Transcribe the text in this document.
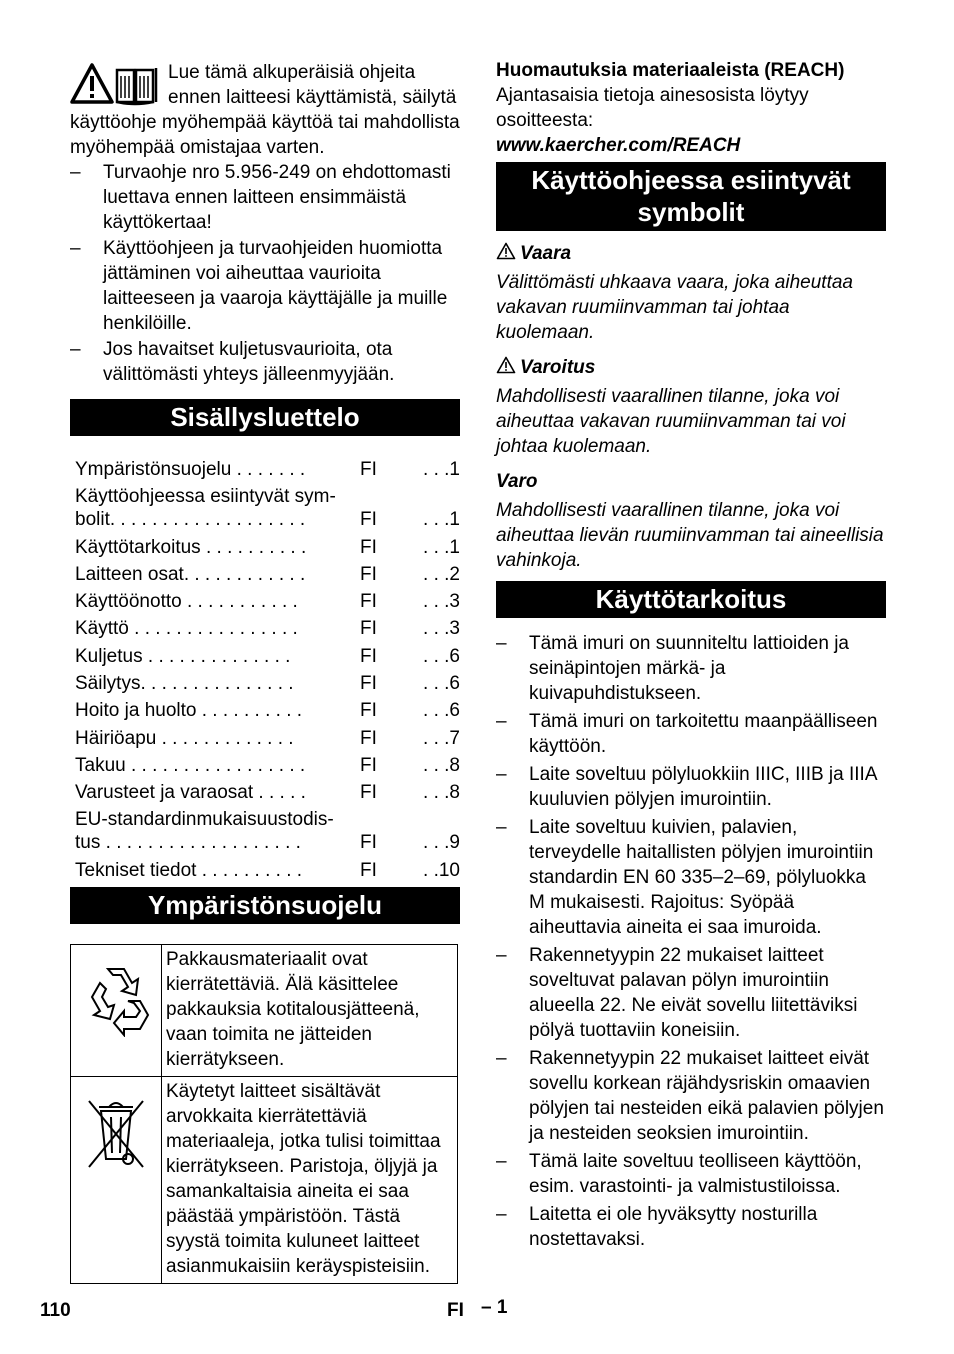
Lue tämä alkuperäisiä ohjeita ennen laitteesi käyttämistä, säilytä käyttöohje myöhempää käyttöä tai mahdollista myöhempää omistajaa varten.

– Turvaohje nro 5.956-249 on ehdottomasti luettava ennen laitteen ensimmäistä käyttökertaa!
– Käyttöohjeen ja turvaohjeiden huomiotta jättäminen voi aiheuttaa vaurioita laitteeseen ja vaaroja käyttäjälle ja muille henkilöille.
– Jos havaitset kuljetusvaurioita, ota välittömästi yhteys jälleenmyyjään.
Sisällysluettelo
Ympäristönsuojelu . . . . . . .	FI	. . .1
Käyttöohjeessa esiintyvät sym-
bolit. . . . . . . . . . . . . . . . . . .	FI	. . .1
Käyttötarkoitus . . . . . . . . . .	FI	. . .1
Laitteen osat. . . . . . . . . . . .	FI	. . .2
Käyttöönotto . . . . . . . . . . .	FI	. . .3
Käyttö . . . . . . . . . . . . . . . .	FI	. . .3
Kuljetus . . . . . . . . . . . . . .	FI	. . .6
Säilytys. . . . . . . . . . . . . . .	FI	. . .6
Hoito ja huolto . . . . . . . . . .	FI	. . .6
Häiriöapu . . . . . . . . . . . . .	FI	. . .7
Takuu . . . . . . . . . . . . . . . . .	FI	. . .8
Varusteet ja varaosat . . . . .	FI	. . .8
EU-standardinmukaisuustodis-
tus . . . . . . . . . . . . . . . . . . .	FI	. . .9
Tekniset tiedot . . . . . . . . . .	FI	. .10
Ympäristönsuojelu
	Pakkausmateriaalit ovat kierrätettäviä. Älä käsittelee pakkauksia kotitalousjätteenä, vaan toimita ne jätteiden kierrätykseen.
	Käytetyt laitteet sisältävät arvokkaita kierrätettäviä materiaaleja, jotka tulisi toimittaa kierrätykseen. Paristoja, öljyjä ja samankaltaisia aineita ei saa päästää ympäristöön. Tästä syystä toimita kuluneet laitteet asianmukaisiin keräyspisteisiin.

Huomautuksia materiaaleista (REACH)

Ajantasaisia tietoja ainesosista löytyy osoitteesta:

www.kaercher.com/REACH

Käyttöohjeessa esiintyvät symbolit

Vaara

Välittömästi uhkaava vaara, joka aiheuttaa vakavan ruumiinvamman tai johtaa kuolemaan.

Varoitus

Mahdollisesti vaarallinen tilanne, joka voi aiheuttaa vakavan ruumiinvamman tai voi johtaa kuolemaan.

Varo

Mahdollisesti vaarallinen tilanne, joka voi aiheuttaa lievän ruumiinvamman tai aineellisia vahinkoja.

Käyttötarkoitus
– Tämä imuri on suunniteltu lattioiden ja seinäpintojen märkä- ja kuivapuhdistukseen.
– Tämä imuri on tarkoitettu maanpäälliseen käyttöön.
– Laite soveltuu pölyluokkiin IIIC, IIIB ja IIIA kuuluvien pölyjen imurointiin.
– Laite soveltuu kuivien, palavien, terveydelle haitallisten pölyjen imurointiin standardin EN 60 335–2–69, pölyluokka M mukaisesti. Rajoitus: Syöpää aiheuttavia aineita ei saa imuroida.
– Rakennetyypin 22 mukaiset laitteet soveltuvat palavan pölyn imurointiin alueella 22. Ne eivät sovellu liitettäviksi pölyä tuottaviin koneisiin.
– Rakennetyypin 22 mukaiset laitteet eivät sovellu korkean räjähdysriskin omaavien pölyjen tai nesteiden eikä palavien pölyjen ja nesteiden seoksien imurointiin.
– Tämä laite soveltuu teolliseen käyttöön, esim. varastointi- ja valmistustiloissa.
– Laitetta ei ole hyväksytty nosturilla nostettavaksi.
110	FI – 1
